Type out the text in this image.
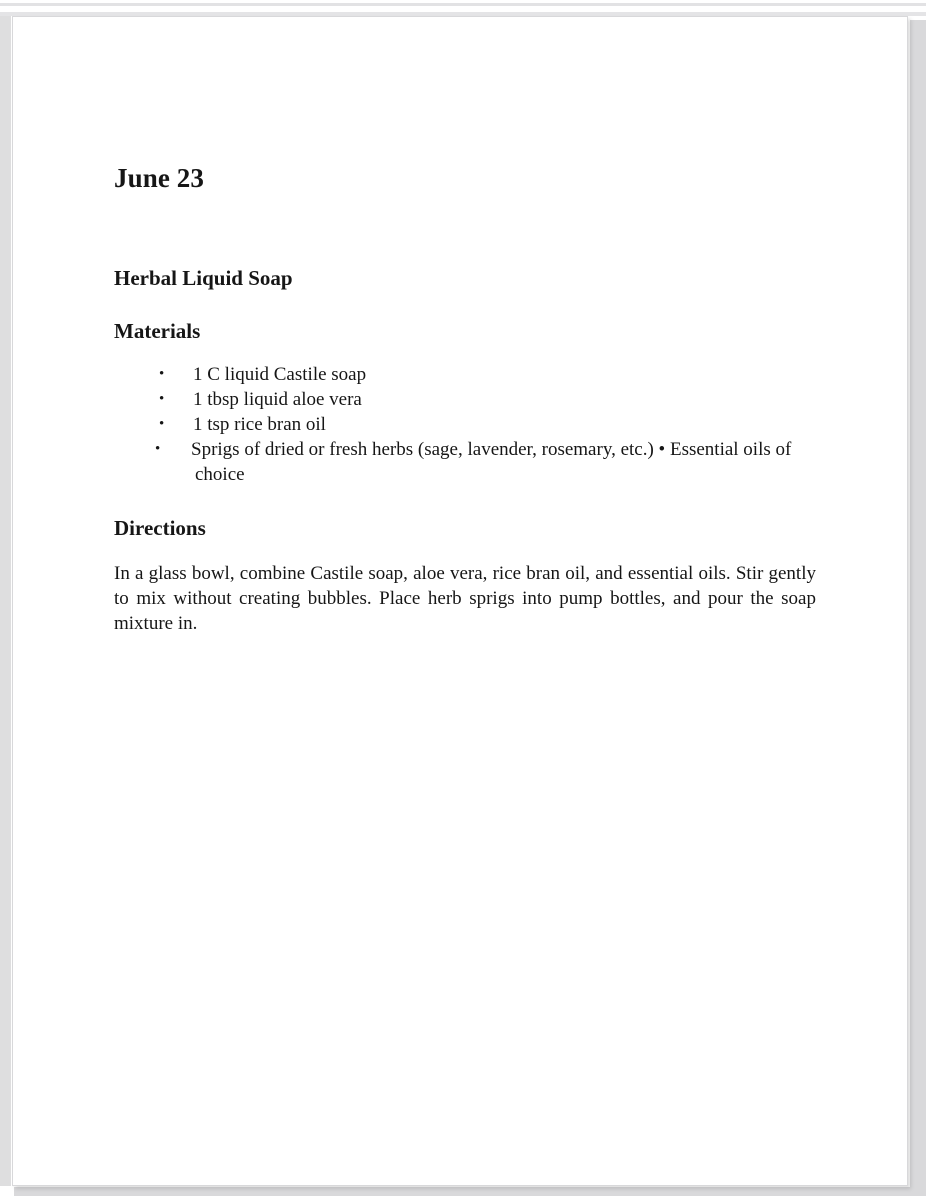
June 23
Herbal Liquid Soap
Materials
• 1 C liquid Castile soap
• 1 tbsp liquid aloe vera
• 1 tsp rice bran oil
• Sprigs of dried or fresh herbs (sage, lavender, rosemary, etc.) • Essential oils of choice
Directions

In a glass bowl, combine Castile soap, aloe vera, rice bran oil, and essential oils. Stir gently to mix without creating bubbles. Place herb sprigs into pump bottles, and pour the soap mixture in.
